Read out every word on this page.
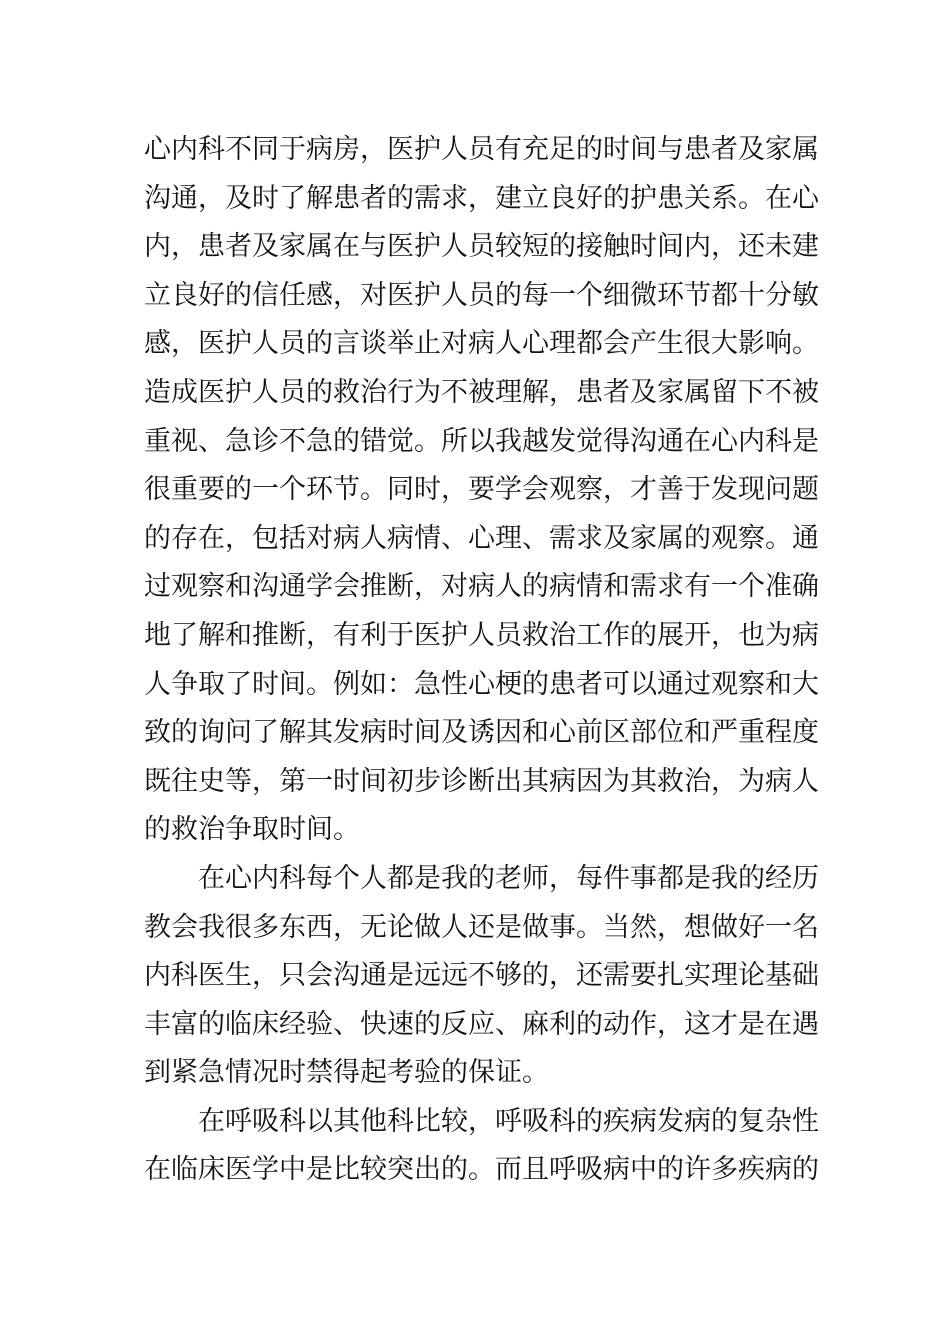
心内科不同于病房，医护人员有充足的时间与患者及家属
沟通，及时了解患者的需求，建立良好的护患关系。在心
内，患者及家属在与医护人员较短的接触时间内，还未建
立良好的信任感，对医护人员的每一个细微环节都十分敏
感，医护人员的言谈举止对病人心理都会产生很大影响。
造成医护人员的救治行为不被理解，患者及家属留下不被
重视、急诊不急的错觉。所以我越发觉得沟通在心内科是
很重要的一个环节。同时，要学会观察，才善于发现问题
的存在，包括对病人病情、心理、需求及家属的观察。通
过观察和沟通学会推断，对病人的病情和需求有一个准确
地了解和推断，有利于医护人员救治工作的展开，也为病
人争取了时间。例如：急性心梗的患者可以通过观察和大
致的询问了解其发病时间及诱因和心前区部位和严重程度
既往史等，第一时间初步诊断出其病因为其救治，为病人
的救治争取时间。
在心内科每个人都是我的老师，每件事都是我的经历
教会我很多东西，无论做人还是做事。当然，想做好一名
内科医生，只会沟通是远远不够的，还需要扎实理论基础
丰富的临床经验、快速的反应、麻利的动作，这才是在遇
到紧急情况时禁得起考验的保证。
在呼吸科以其他科比较，呼吸科的疾病发病的复杂性
在临床医学中是比较突出的。而且呼吸病中的许多疾病的
